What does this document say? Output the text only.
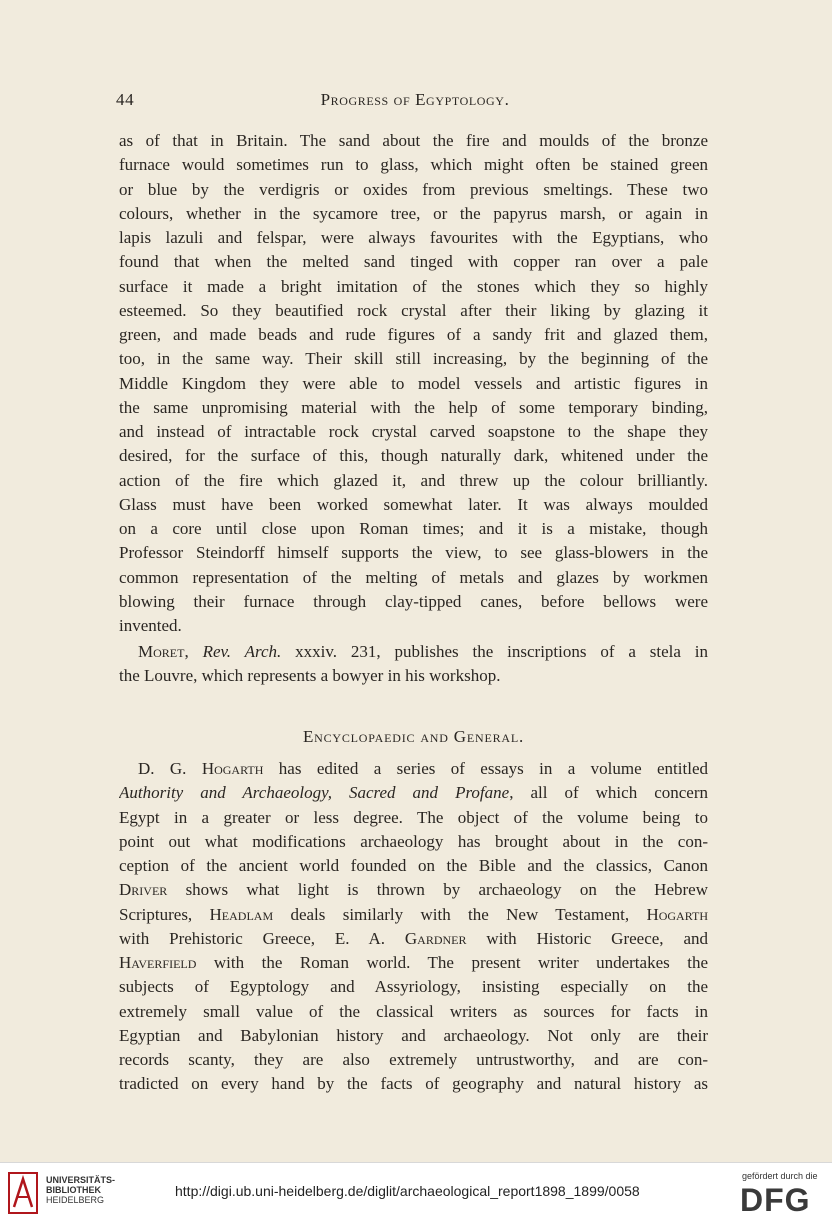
44	Progress of Egyptology.
as of that in Britain. The sand about the fire and moulds of the bronze
furnace would sometimes run to glass, which might often be stained green
or blue by the verdigris or oxides from previous smeltings. These two
colours, whether in the sycamore tree, or the papyrus marsh, or again in
lapis lazuli and felspar, were always favourites with the Egyptians, who
found that when the melted sand tinged with copper ran over a pale
surface it made a bright imitation of the stones which they so highly
esteemed. So they beautified rock crystal after their liking by glazing it
green, and made beads and rude figures of a sandy frit and glazed them,
too, in the same way. Their skill still increasing, by the beginning of the
Middle Kingdom they were able to model vessels and artistic figures in
the same unpromising material with the help of some temporary binding,
and instead of intractable rock crystal carved soapstone to the shape they
desired, for the surface of this, though naturally dark, whitened under the
action of the fire which glazed it, and threw up the colour brilliantly.
Glass must have been worked somewhat later. It was always moulded
on a core until close upon Roman times; and it is a mistake, though
Professor Steindorff himself supports the view, to see glass-blowers in the
common representation of the melting of metals and glazes by workmen
blowing their furnace through clay-tipped canes, before bellows were
invented.
Moret, Rev. Arch. xxxiv. 231, publishes the inscriptions of a stela in
the Louvre, which represents a bowyer in his workshop.
Encyclopaedic and General.
D. G. Hogarth has edited a series of essays in a volume entitled
Authority and Archaeology, Sacred and Profane, all of which concern
Egypt in a greater or less degree. The object of the volume being to
point out what modifications archaeology has brought about in the con-
ception of the ancient world founded on the Bible and the classics, Canon
Driver shows what light is thrown by archaeology on the Hebrew
Scriptures, Headlam deals similarly with the New Testament, Hogarth
with Prehistoric Greece, E. A. Gardner with Historic Greece, and
Haverfield with the Roman world. The present writer undertakes the
subjects of Egyptology and Assyriology, insisting especially on the
extremely small value of the classical writers as sources for facts in
Egyptian and Babylonian history and archaeology. Not only are their
records scanty, they are also extremely untrustworthy, and are con-
tradicted on every hand by the facts of geography and natural history as
UNIVERSITÄTS-
BIBLIOTHEK
HEIDELBERG
http://digi.ub.uni-heidelberg.de/diglit/archaeological_report1898_1899/0058
gefördert durch die
DFG
